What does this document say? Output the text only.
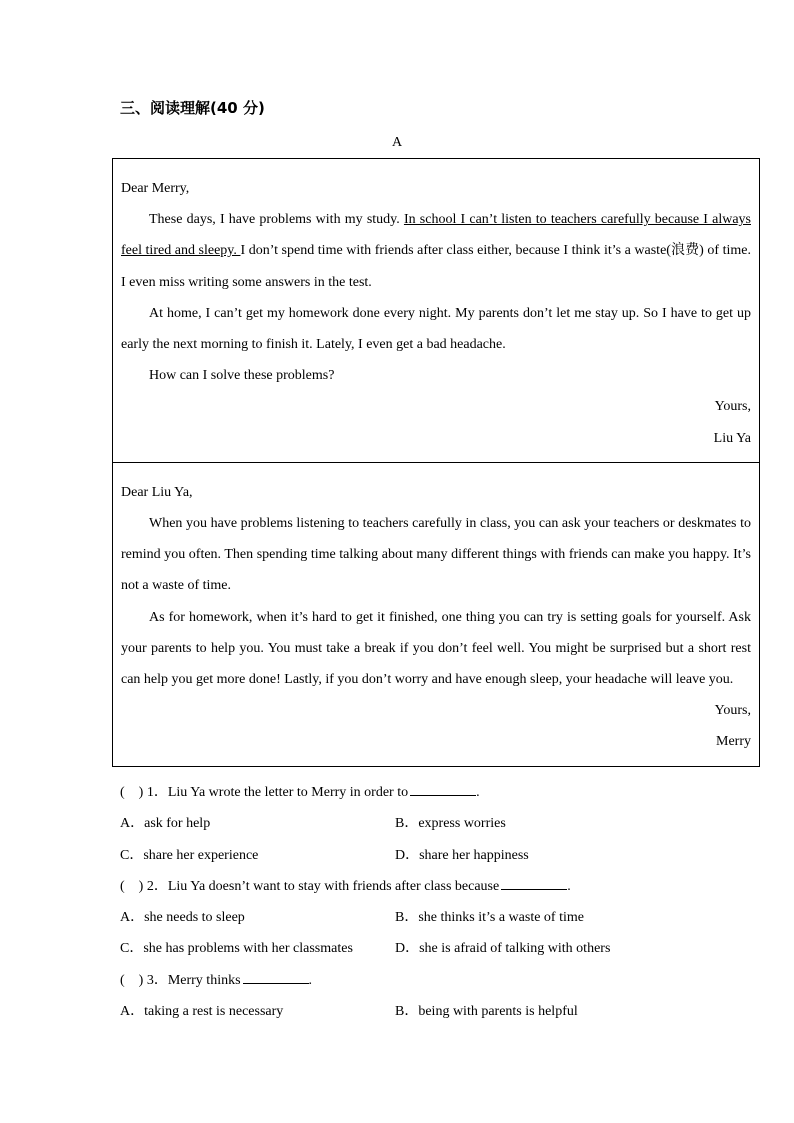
三、阅读理解(40 分)
A

Dear Merry,

These days, I have problems with my study. In school I can’t listen to teachers carefully because I always feel tired and sleepy. I don’t spend time with friends after class either, because I think it’s a waste(浪费) of time. I even miss writing some answers in the test.

At home, I can’t get my homework done every night. My parents don’t let me stay up. So I have to get up early the next morning to finish it. Lately, I even get a bad headache.

How can I solve these problems?

Yours,

Liu Ya

Dear Liu Ya,

When you have problems listening to teachers carefully in class, you can ask your teachers or deskmates to remind you often. Then spending time talking about many different things with friends can make you happy. It’s not a waste of time.

As for homework, when it’s hard to get it finished, one thing you can try is setting goals for yourself. Ask your parents to help you. You must take a break if you don’t feel well. You might be surprised but a short rest can help you get more done! Lastly, if you don’t worry and have enough sleep, your headache will leave you.

Yours,

Merry

(　) 1．Liu Ya wrote the letter to Merry in order to	.
A．ask for help	B．express worries
C．share her experience	D．share her happiness
(　) 2．Liu Ya doesn’t want to stay with friends after class because	.
A．she needs to sleep	B．she thinks it’s a waste of time
C．she has problems with her classmates	D．she is afraid of talking with others
(　) 3．Merry thinks	.
A．taking a rest is necessary	B．being with parents is helpful
